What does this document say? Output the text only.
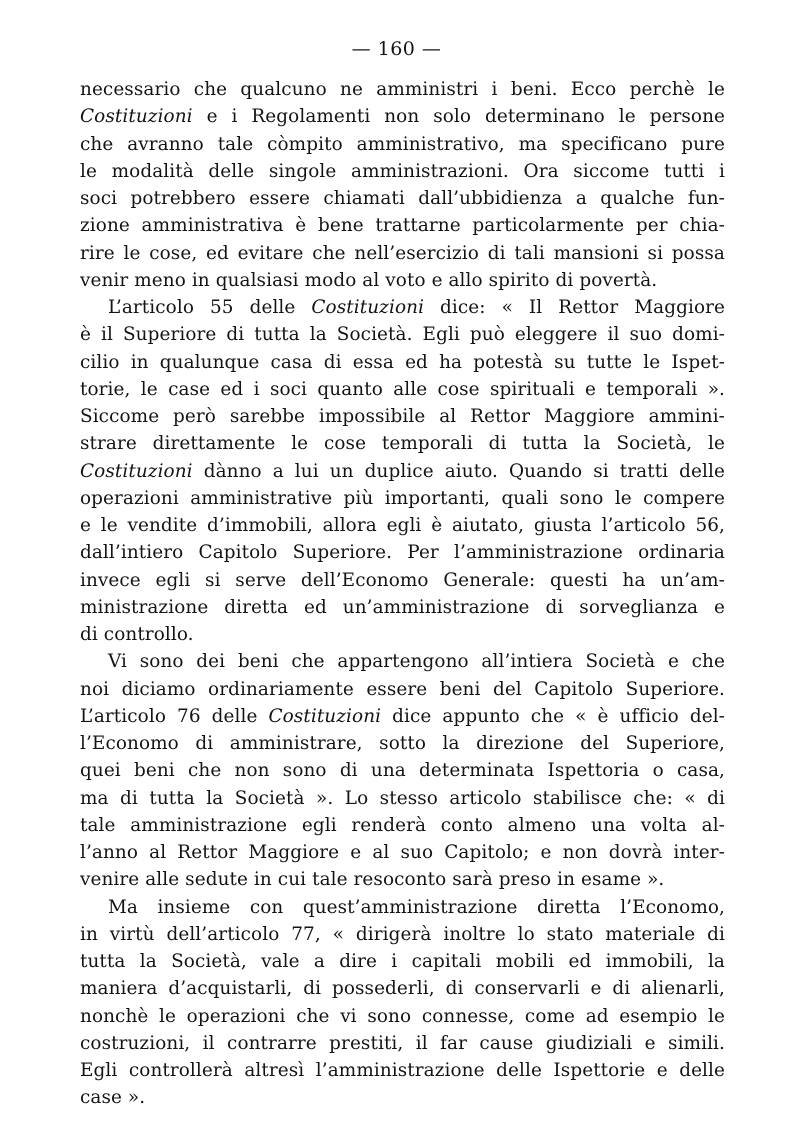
— 160 —
necessario che qualcuno ne amministri i beni. Ecco perchè le
Costituzioni e i Regolamenti non solo determinano le persone
che avranno tale còmpito amministrativo, ma specificano pure
le modalità delle singole amministrazioni. Ora siccome tutti i
soci potrebbero essere chiamati dall’ubbidienza a qualche fun-
zione amministrativa è bene trattarne particolarmente per chia-
rire le cose, ed evitare che nell’esercizio di tali mansioni si possa
venir meno in qualsiasi modo al voto e allo spirito di povertà.
L’articolo 55 delle Costituzioni dice: « Il Rettor Maggiore
è il Superiore di tutta la Società. Egli può eleggere il suo domi-
cilio in qualunque casa di essa ed ha potestà su tutte le Ispet-
torie, le case ed i soci quanto alle cose spirituali e temporali ».
Siccome però sarebbe impossibile al Rettor Maggiore ammini-
strare direttamente le cose temporali di tutta la Società, le
Costituzioni dànno a lui un duplice aiuto. Quando si tratti delle
operazioni amministrative più importanti, quali sono le compere
e le vendite d’immobili, allora egli è aiutato, giusta l’articolo 56,
dall’intiero Capitolo Superiore. Per l’amministrazione ordinaria
invece egli si serve dell’Economo Generale: questi ha un’am-
ministrazione diretta ed un’amministrazione di sorveglianza e
di controllo.
Vi sono dei beni che appartengono all’intiera Società e che
noi diciamo ordinariamente essere beni del Capitolo Superiore.
L’articolo 76 delle Costituzioni dice appunto che « è ufficio del-
l’Economo di amministrare, sotto la direzione del Superiore,
quei beni che non sono di una determinata Ispettoria o casa,
ma di tutta la Società ». Lo stesso articolo stabilisce che: « di
tale amministrazione egli renderà conto almeno una volta al-
l’anno al Rettor Maggiore e al suo Capitolo; e non dovrà inter-
venire alle sedute in cui tale resoconto sarà preso in esame ».
Ma insieme con quest’amministrazione diretta l’Economo,
in virtù dell’articolo 77, « dirigerà inoltre lo stato materiale di
tutta la Società, vale a dire i capitali mobili ed immobili, la
maniera d’acquistarli, di possederli, di conservarli e di alienarli,
nonchè le operazioni che vi sono connesse, come ad esempio le
costruzioni, il contrarre prestiti, il far cause giudiziali e simili.
Egli controllerà altresì l’amministrazione delle Ispettorie e delle
case ».
